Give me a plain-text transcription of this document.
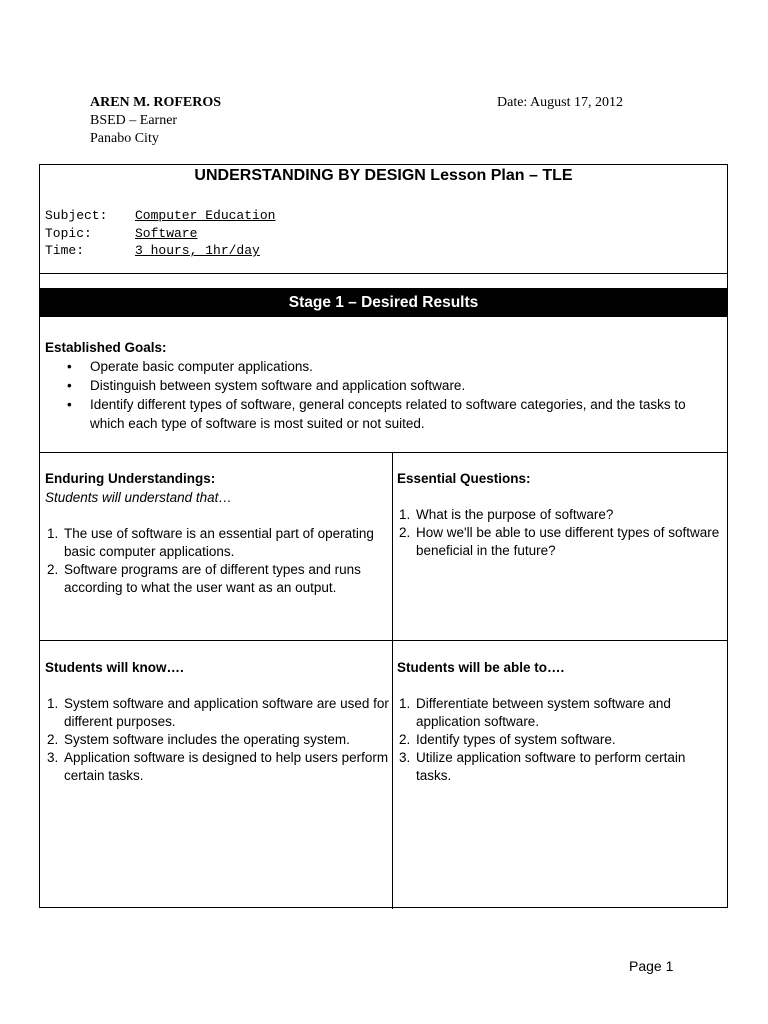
AREN M. ROFEROS
BSED – Earner
Panabo City
Date: August 17, 2012
UNDERSTANDING BY DESIGN Lesson Plan – TLE
Subject:	Computer Education
Topic:	Software
Time:	3 hours, 1hr/day
Stage 1 – Desired Results
Established Goals:
• Operate basic computer applications.
• Distinguish between system software and application software.
• Identify different types of software, general concepts related to software categories, and the tasks to which each type of software is most suited or not suited.
Enduring Understandings:
Students will understand that…
1. The use of software is an essential part of operating basic computer applications.
2. Software programs are of different types and runs according to what the user want as an output.
Essential Questions:
1. What is the purpose of software?
2. How we'll be able to use different types of software beneficial in the future?
Students will know….
1. System software and application software are used for different purposes.
2. System software includes the operating system.
3. Application software is designed to help users perform certain tasks.
Students will be able to….
1. Differentiate between system software and application software.
2. Identify types of system software.
3. Utilize application software to perform certain tasks.
Page 1
